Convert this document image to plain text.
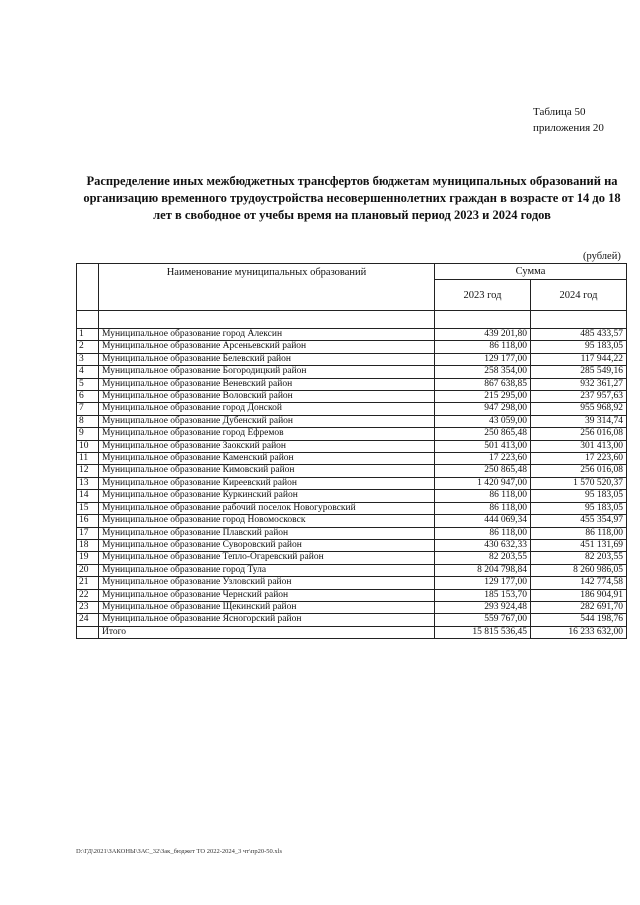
Таблица 50
приложения 20
Распределение иных межбюджетных трансфертов бюджетам муниципальных образований на организацию временного трудоустройства несовершеннолетних граждан в возрасте от 14 до 18 лет в свободное от учебы время на плановый период 2023 и 2024 годов
(рублей)
	Наименование муниципальных образований	Сумма	
		2023 год	2024 год

1	Муниципальное образование город Алексин	439 201,80	485 433,57
2	Муниципальное образование Арсеньевский район	86 118,00	95 183,05
3	Муниципальное образование Белевский район	129 177,00	117 944,22
4	Муниципальное образование Богородицкий район	258 354,00	285 549,16
5	Муниципальное образование Веневский район	867 638,85	932 361,27
6	Муниципальное образование Воловский район	215 295,00	237 957,63
7	Муниципальное образование город Донской	947 298,00	955 968,92
8	Муниципальное образование Дубенский район	43 059,00	39 314,74
9	Муниципальное образование город Ефремов	250 865,48	256 016,08
10	Муниципальное образование Заокский район	501 413,00	301 413,00
11	Муниципальное образование Каменский район	17 223,60	17 223,60
12	Муниципальное образование Кимовский район	250 865,48	256 016,08
13	Муниципальное образование Киреевский район	1 420 947,00	1 570 520,37
14	Муниципальное образование Куркинский район	86 118,00	95 183,05
15	Муниципальное образование рабочий поселок Новогуровский	86 118,00	95 183,05
16	Муниципальное образование город Новомосковск	444 069,34	455 354,97
17	Муниципальное образование Плавский район	86 118,00	86 118,00
18	Муниципальное образование Суворовский район	430 632,33	451 131,69
19	Муниципальное образование Тепло-Огаревский район	82 203,55	82 203,55
20	Муниципальное образование город Тула	8 204 798,84	8 260 986,05
21	Муниципальное образование Узловский район	129 177,00	142 774,58
22	Муниципальное образование Чернский район	185 153,70	186 904,91
23	Муниципальное образование Щекинский район	293 924,48	282 691,70
24	Муниципальное образование Ясногорский район	559 767,00	544 198,76
	Итого	15 815 536,45	16 233 632,00
D:\ГД\2021\ЗАКОНЫ\ЗАС_32\Зак_бюджет ТО 2022-2024_3 чт\пр20-50.xls
